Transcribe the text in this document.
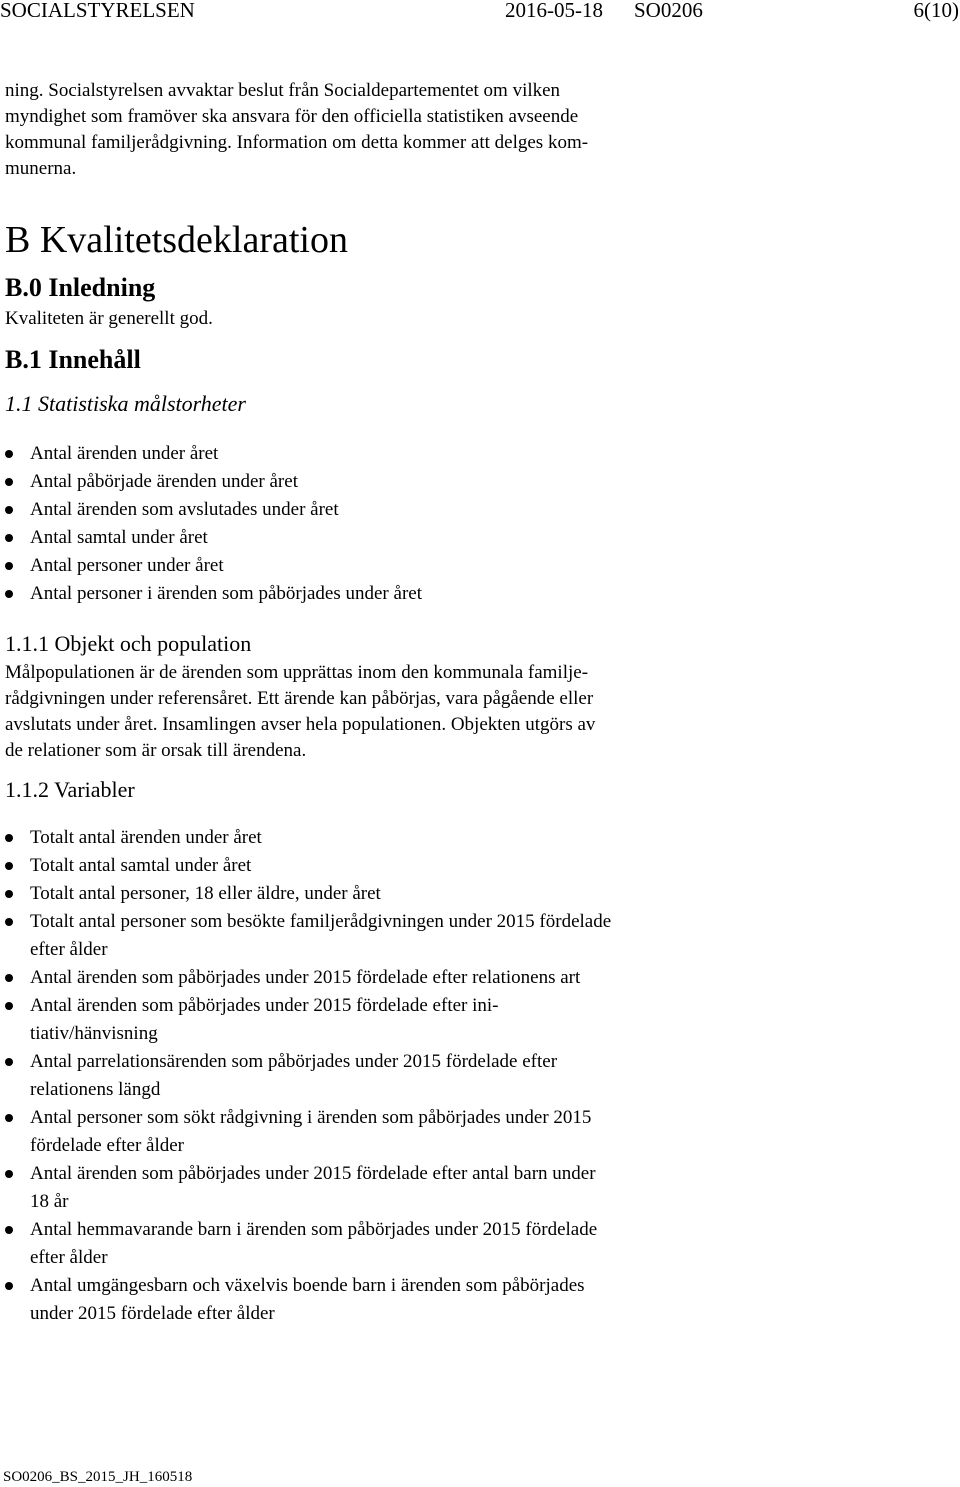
SOCIALSTYRELSEN	2016-05-18 SO0206	6(10)
ning. Socialstyrelsen avvaktar beslut från Socialdepartementet om vilken
myndighet som framöver ska ansvara för den officiella statistiken avseende
kommunal familjerådgivning. Information om detta kommer att delges kom-
munerna.
B Kvalitetsdeklaration
B.0 Inledning
Kvaliteten är generellt god.
B.1 Innehåll
1.1 Statistiska målstorheter
Antal ärenden under året
Antal påbörjade ärenden under året
Antal ärenden som avslutades under året
Antal samtal under året
Antal personer under året
Antal personer i ärenden som påbörjades under året
1.1.1 Objekt och population
Målpopulationen är de ärenden som upprättas inom den kommunala familje-
rådgivningen under referensåret. Ett ärende kan påbörjas, vara pågående eller
avslutats under året. Insamlingen avser hela populationen. Objekten utgörs av
de relationer som är orsak till ärendena.
1.1.2 Variabler
Totalt antal ärenden under året
Totalt antal samtal under året
Totalt antal personer, 18 eller äldre, under året
Totalt antal personer som besökte familjerådgivningen under 2015 fördelade
efter ålder
Antal ärenden som påbörjades under 2015 fördelade efter relationens art
Antal ärenden som påbörjades under 2015 fördelade efter ini-
tiativ/hänvisning
Antal parrelationsärenden som påbörjades under 2015 fördelade efter
relationens längd
Antal personer som sökt rådgivning i ärenden som påbörjades under 2015
fördelade efter ålder
Antal ärenden som påbörjades under 2015 fördelade efter antal barn under
18 år
Antal hemmavarande barn i ärenden som påbörjades under 2015 fördelade
efter ålder
Antal umgängesbarn och växelvis boende barn i ärenden som påbörjades
under 2015 fördelade efter ålder
SO0206_BS_2015_JH_160518
